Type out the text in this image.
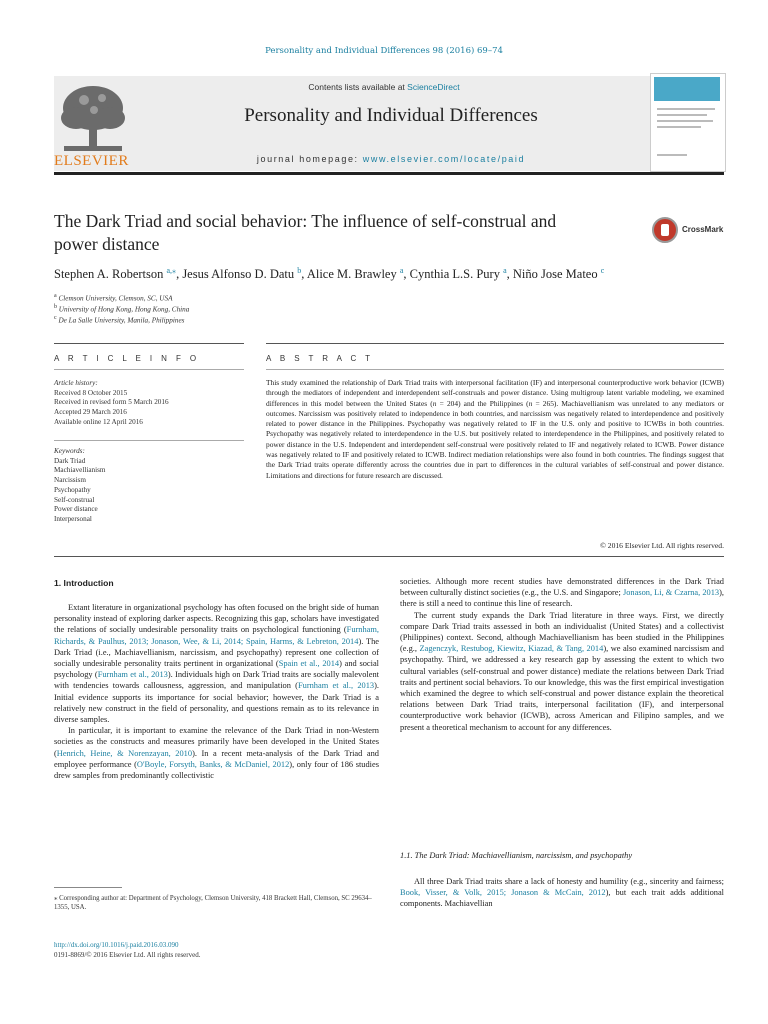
Personality and Individual Differences 98 (2016) 69–74
ELSEVIER
Contents lists available at ScienceDirect
Personality and Individual Differences
journal homepage: www.elsevier.com/locate/paid
The Dark Triad and social behavior: The influence of self-construal and
power distance
CrossMark
Stephen A. Robertson $^{a,⁎}$, Jesus Alfonso D. Datu $^b$, Alice M. Brawley $^a$, Cynthia L.S. Pury $^a$, Niño Jose Mateo $^c$
$^a$ Clemson University, Clemson, SC, USA
$^b$ University of Hong Kong, Hong Kong, China
$^c$ De La Salle University, Manila, Philippines
A R T I C L E I N F O	A B S T R A C T
Article history:
Received 8 October 2015
Received in revised form 5 March 2016
Accepted 29 March 2016
Available online 12 April 2016
Keywords:
Dark Triad
Machiavellianism
Narcissism
Psychopathy
Self-construal
Power distance
Interpersonal
This study examined the relationship of Dark Triad traits with interpersonal facilitation (IF) and interpersonal counterproductive work behavior (ICWB) through the mediators of independent and interdependent self-construals and power distance. Using multigroup latent variable modeling, we examined differences in this model between the United States (n = 204) and the Philippines (n = 265). Machiavellianism was unrelated to any mediators or outcomes. Narcissism was positively related to independence in both countries, and narcissism was negatively related to interdependence and positively related to power distance in the Philippines. Psychopathy was negatively related to IF in the U.S. only and positive to ICWBs in both countries. Psychopathy was negatively related to interdependence in the U.S. but positively related to interdependence in the Philippines, and positively related to power distance in the U.S. Independent and interdependent self-construal were positively related to IF and negatively related to ICWB. Power distance was negatively related to IF and positively related to ICWB. Indirect mediation relationships were also found in both countries. The findings suggest that the Dark Triad traits operate differently across the countries due in part to differences in the cultural variables of self-construal and power distance. Limitations and directions for future research are discussed.
© 2016 Elsevier Ltd. All rights reserved.
1. Introduction

Extant literature in organizational psychology has often focused on the bright side of human personality instead of exploring darker aspects. Recognizing this gap, scholars have investigated the relations of socially undesirable personality traits on psychological functioning (Furnham, Richards, & Paulhus, 2013; Jonason, Wee, & Li, 2014; Spain, Harms, & Lebreton, 2014). The Dark Triad (i.e., Machiavellianism, narcissism, and psychopathy) represent one collection of socially undesirable personality traits pertinent in organizational (Spain et al., 2014) and social psychology (Furnham et al., 2013). Individuals high on Dark Triad traits are socially malevolent with tendencies towards callousness, aggression, and manipulation (Furnham et al., 2013). Initial evidence supports its importance for social behavior; however, the Dark Triad is a relatively new construct in the field of personality, and questions remain as to its relevance in diverse samples.

In particular, it is important to examine the relevance of the Dark Triad in non-Western societies as the constructs and measures primarily have been developed in the United States (Henrich, Heine, & Norenzayan, 2010). In a recent meta-analysis of the Dark Triad and employee performance (O'Boyle, Forsyth, Banks, & McDaniel, 2012), only four of 186 studies drew samples from predominantly collectivistic

societies. Although more recent studies have demonstrated differences in the Dark Triad between culturally distinct societies (e.g., the U.S. and Singapore; Jonason, Li, & Czarna, 2013), there is still a need to continue this line of research.

The current study expands the Dark Triad literature in three ways. First, we directly compare Dark Triad traits assessed in both an individualist (United States) and a collectivist (Philippines) context. Second, although Machiavellianism has been studied in the Philippines (e.g., Zagenczyk, Restubog, Kiewitz, Kiazad, & Tang, 2014), we also examined narcissism and psychopathy. Third, we addressed a key research gap by assessing the extent to which two cultural variables (self-construal and power distance) mediate the relations between Dark Triad traits and pertinent social behaviors. To our knowledge, this was the first empirical investigation which examined the degree to which self-construal and power distance explain the theoretical relations between Dark Triad traits, interpersonal facilitation (IF), and interpersonal counterproductive work behavior (ICWB), across American and Filipino samples, and we present a theoretical mechanism to account for any differences.

1.1. The Dark Triad: Machiavellianism, narcissism, and psychopathy

All three Dark Triad traits share a lack of honesty and humility (e.g., sincerity and fairness; Book, Visser, & Volk, 2015; Jonason & McCain, 2012), but each trait adds additional components. Machiavellian

⁎ Corresponding author at: Department of Psychology, Clemson University, 418 Brackett Hall, Clemson, SC 29634–1355, USA.
http://dx.doi.org/10.1016/j.paid.2016.03.090
0191-8869/© 2016 Elsevier Ltd. All rights reserved.
